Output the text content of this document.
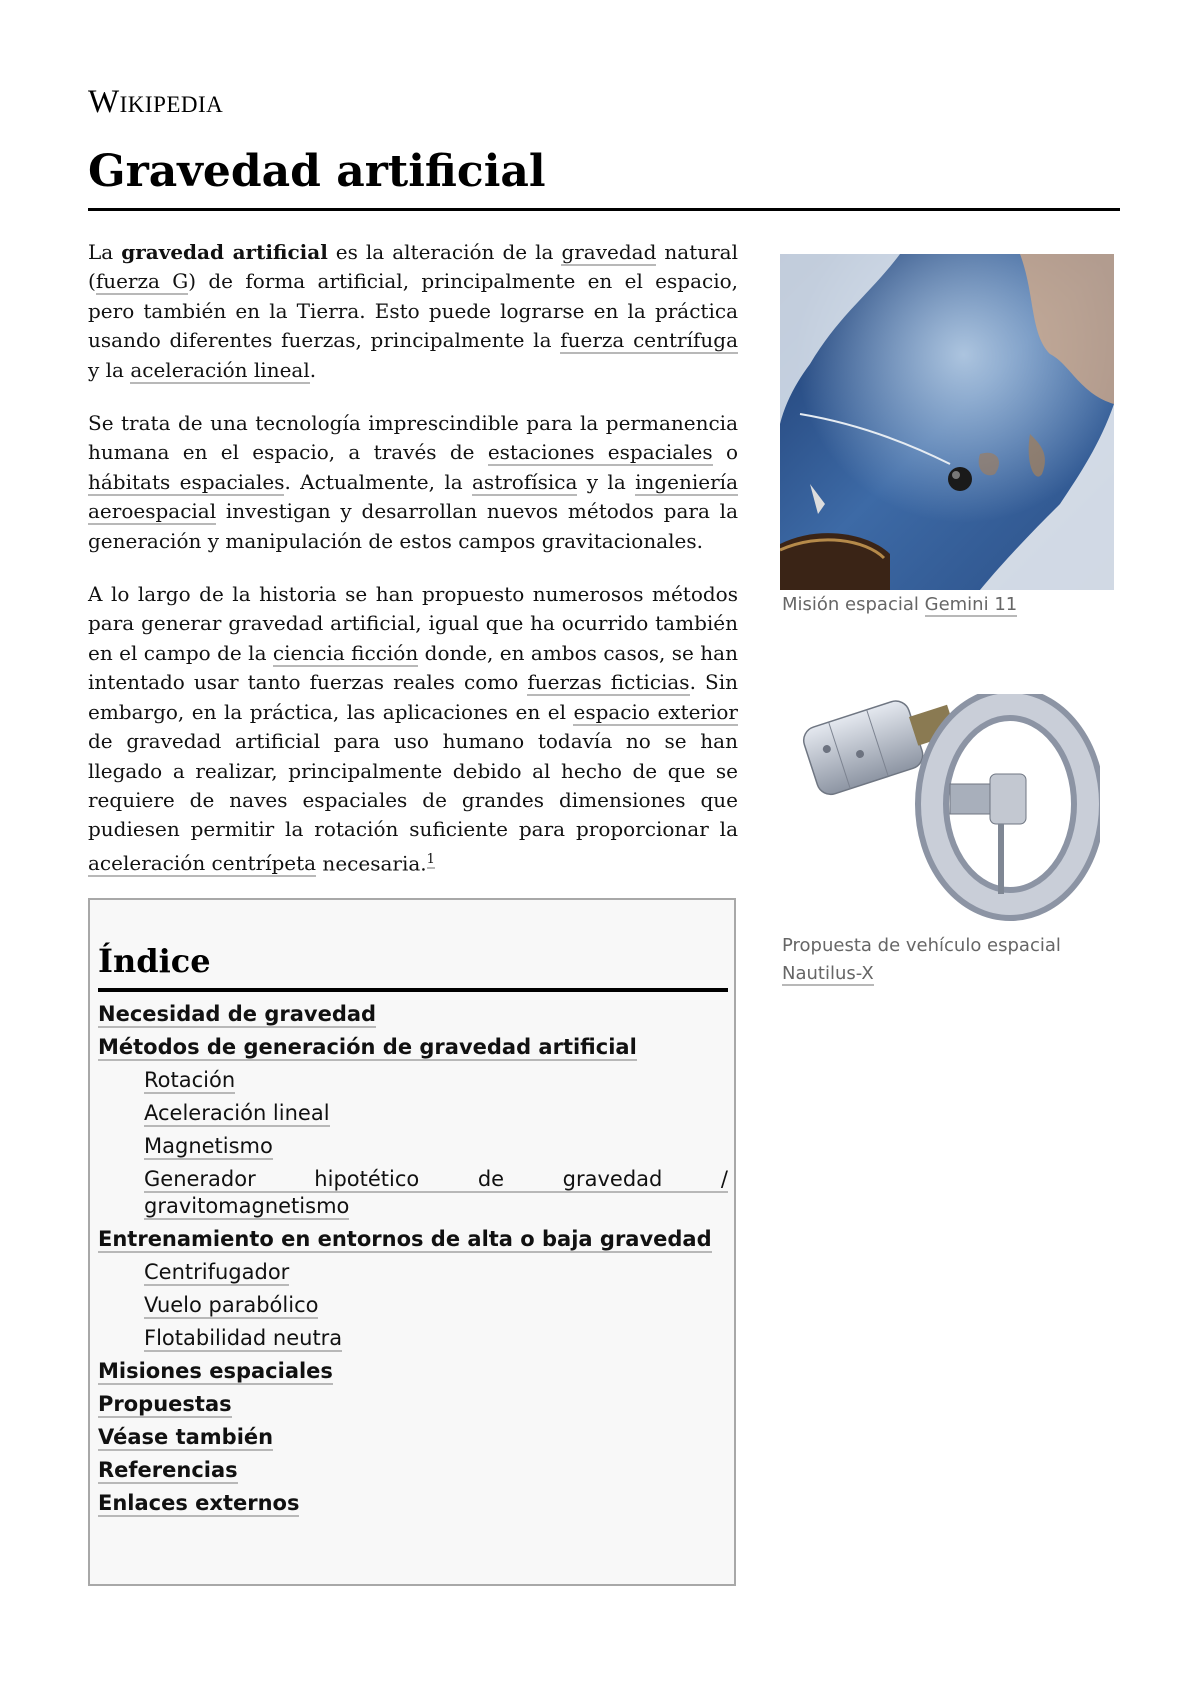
Wikipedia
Gravedad artificial

La gravedad artificial es la alteración de la gravedad natural (fuerza G) de forma artificial, principalmente en el espacio, pero también en la Tierra. Esto puede lograrse en la práctica usando diferentes fuerzas, principalmente la fuerza centrífuga y la aceleración lineal.

Se trata de una tecnología imprescindible para la permanencia humana en el espacio, a través de estaciones espaciales o hábitats espaciales. Actualmente, la astrofísica y la ingeniería aeroespacial investigan y desarrollan nuevos métodos para la generación y manipulación de estos campos gravitacionales.

A lo largo de la historia se han propuesto numerosos métodos para generar gravedad artificial, igual que ha ocurrido también en el campo de la ciencia ficción donde, en ambos casos, se han intentado usar tanto fuerzas reales como fuerzas ficticias. Sin embargo, en la práctica, las aplicaciones en el espacio exterior de gravedad artificial para uso humano todavía no se han llegado a realizar, principalmente debido al hecho de que se requiere de naves espaciales de grandes dimensiones que pudiesen permitir la rotación suficiente para proporcionar la aceleración centrípeta necesaria.$^1$

Misión espacial Gemini 11
Propuesta de vehículo espacial
Nautilus-X
Índice
Necesidad de gravedad
Métodos de generación de gravedad artificial
Rotación
Aceleración lineal
Magnetismo
Generador hipotético de gravedad / gravitomagnetismo
Entrenamiento en entornos de alta o baja gravedad
Centrifugador
Vuelo parabólico
Flotabilidad neutra
Misiones espaciales
Propuestas
Véase también
Referencias
Enlaces externos
